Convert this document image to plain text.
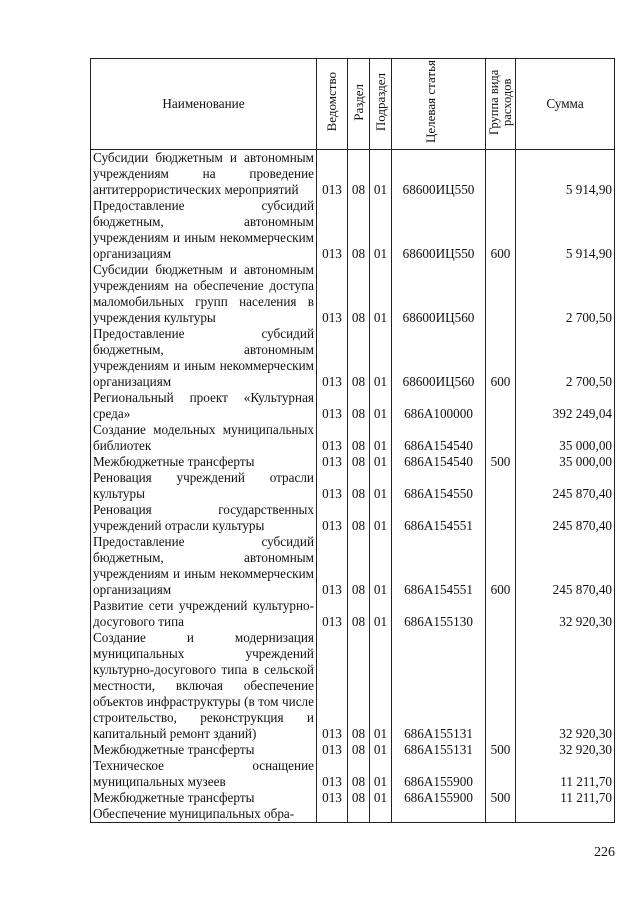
Наименование	Ведомство	Раздел	Подраздел	Целевая статья	Группа вида расходов	Сумма
Субсидии бюджетным и автономным учреждениям на проведение антитеррористических мероприятий	013	08	01	68600ИЦ550		5 914,90
Предоставление субсидий бюджетным, автономным учреждениям и иным некоммерческим организациям	013	08	01	68600ИЦ550	600	5 914,90
Субсидии бюджетным и автономным учреждениям на обеспечение доступа маломобильных групп населения в учреждения культуры	013	08	01	68600ИЦ560		2 700,50
Предоставление субсидий бюджетным, автономным учреждениям и иным некоммерческим организациям	013	08	01	68600ИЦ560	600	2 700,50
Региональный проект «Культурная среда»	013	08	01	686A100000		392 249,04
Создание модельных муниципальных библиотек	013	08	01	686A154540		35 000,00
Межбюджетные трансферты	013	08	01	686A154540	500	35 000,00
Реновация учреждений отрасли культуры	013	08	01	686A154550		245 870,40
Реновация государственных учреждений отрасли культуры	013	08	01	686A154551		245 870,40
Предоставление субсидий бюджетным, автономным учреждениям и иным некоммерческим организациям	013	08	01	686A154551	600	245 870,40
Развитие сети учреждений культурно-досугового типа	013	08	01	686A155130		32 920,30
Создание и модернизация муниципальных учреждений культурно-досугового типа в сельской местности, включая обеспечение объектов инфраструктуры (в том числе строительство, реконструкция и капитальный ремонт зданий)	013	08	01	686A155131		32 920,30
Межбюджетные трансферты	013	08	01	686A155131	500	32 920,30
Техническое оснащение муниципальных музеев	013	08	01	686A155900		11 211,70
Межбюджетные трансферты	013	08	01	686A155900	500	11 211,70
Обеспечение муниципальных обра-						
226
